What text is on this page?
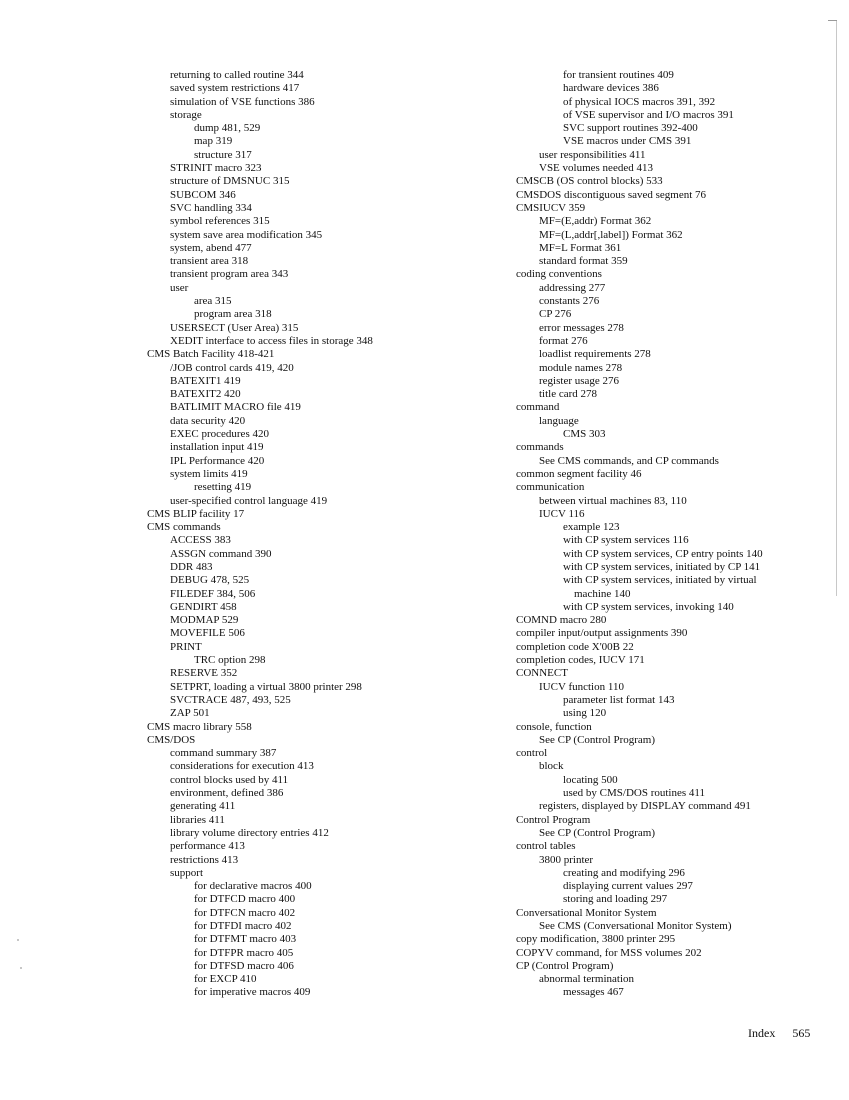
returning to called routine 344
saved system restrictions 417
simulation of VSE functions 386
storage
dump 481, 529
map 319
structure 317
STRINIT macro 323
structure of DMSNUC 315
SUBCOM 346
SVC handling 334
symbol references 315
system save area modification 345
system, abend 477
transient area 318
transient program area 343
user
area 315
program area 318
USERSECT (User Area) 315
XEDIT interface to access files in storage 348
CMS Batch Facility 418-421
/JOB control cards 419, 420
BATEXIT1 419
BATEXIT2 420
BATLIMIT MACRO file 419
data security 420
EXEC procedures 420
installation input 419
IPL Performance 420
system limits 419
resetting 419
user-specified control language 419
CMS BLIP facility 17
CMS commands
ACCESS 383
ASSGN command 390
DDR 483
DEBUG 478, 525
FILEDEF 384, 506
GENDIRT 458
MODMAP 529
MOVEFILE 506
PRINT
TRC option 298
RESERVE 352
SETPRT, loading a virtual 3800 printer 298
SVCTRACE 487, 493, 525
ZAP 501
CMS macro library 558
CMS/DOS
command summary 387
considerations for execution 413
control blocks used by 411
environment, defined 386
generating 411
libraries 411
library volume directory entries 412
performance 413
restrictions 413
support
for declarative macros 400
for DTFCD macro 400
for DTFCN macro 402
for DTFDI macro 402
for DTFMT macro 403
for DTFPR macro 405
for DTFSD macro 406
for EXCP 410
for imperative macros 409
for transient routines 409
hardware devices 386
of physical IOCS macros 391, 392
of VSE supervisor and I/O macros 391
SVC support routines 392-400
VSE macros under CMS 391
user responsibilities 411
VSE volumes needed 413
CMSCB (OS control blocks) 533
CMSDOS discontiguous saved segment 76
CMSIUCV 359
MF=(E,addr) Format 362
MF=(L,addr[,label]) Format 362
MF=L Format 361
standard format 359
coding conventions
addressing 277
constants 276
CP 276
error messages 278
format 276
loadlist requirements 278
module names 278
register usage 276
title card 278
command
language
CMS 303
commands
See CMS commands, and CP commands
common segment facility 46
communication
between virtual machines 83, 110
IUCV 116
example 123
with CP system services 116
with CP system services, CP entry points 140
with CP system services, initiated by CP 141
with CP system services, initiated by virtual
machine 140
with CP system services, invoking 140
COMND macro 280
compiler input/output assignments 390
completion code X'00B 22
completion codes, IUCV 171
CONNECT
IUCV function 110
parameter list format 143
using 120
console, function
See CP (Control Program)
control
block
locating 500
used by CMS/DOS routines 411
registers, displayed by DISPLAY command 491
Control Program
See CP (Control Program)
control tables
3800 printer
creating and modifying 296
displaying current values 297
storing and loading 297
Conversational Monitor System
See CMS (Conversational Monitor System)
copy modification, 3800 printer 295
COPYV command, for MSS volumes 202
CP (Control Program)
abnormal termination
messages 467
Index 565
